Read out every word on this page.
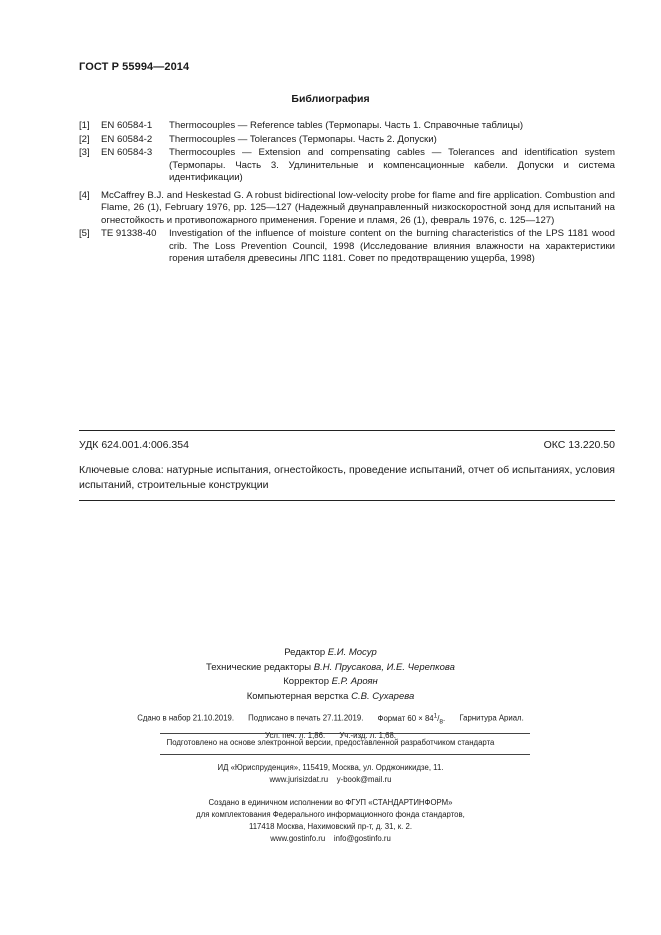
ГОСТ Р 55994—2014
Библиография
[1]	EN 60584-1	Thermocouples — Reference tables (Термопары. Часть 1. Справочные таблицы)
[2]	EN 60584-2	Thermocouples — Tolerances (Термопары. Часть 2. Допуски)
[3]	EN 60584-3	Thermocouples — Extension and compensating cables — Tolerances and identification system (Термопары. Часть 3. Удлинительные и компенсационные кабели. Допуски и система идентификации)
[4]	McCaffrey B.J. and Heskestad G. A robust bidirectional low-velocity probe for flame and fire application. Combustion and Flame, 26 (1), February 1976, pp. 125—127 (Надежный двунаправленный низкоскоростной зонд для испытаний на огнестойкость и противопожарного применения. Горение и пламя, 26 (1), февраль 1976, с. 125—127)
[5]	TE 91338-40	Investigation of the influence of moisture content on the burning characteristics of the LPS 1181 wood crib. The Loss Prevention Council, 1998 (Исследование влияния влажности на характеристики горения штабеля древесины ЛПС 1181. Совет по предотвращению ущерба, 1998)
УДК 624.001.4:006.354	ОКС 13.220.50
Ключевые слова: натурные испытания, огнестойкость, проведение испытаний, отчет об испытаниях, условия испытаний, строительные конструкции
Редактор Е.И. Мосур
Технические редакторы В.Н. Прусакова, И.Е. Черепкова
Корректор Е.Р. Ароян
Компьютерная верстка С.В. Сухарева
Сдано в набор 21.10.2019. Подписано в печать 27.11.2019. Формат $60 \times 84^1/_8$. Гарнитура Ариал.
Усл. печ. л. 1,86. Уч.-изд. л. 1,68.
Подготовлено на основе электронной версии, предоставленной разработчиком стандарта
ИД «Юриспруденция», 115419, Москва, ул. Орджоникидзе, 11.
www.jurisizdat.ru y-book@mail.ru
Создано в единичном исполнении во ФГУП «СТАНДАРТИНФОРМ»
для комплектования Федерального информационного фонда стандартов,
117418 Москва, Нахимовский пр-т, д. 31, к. 2.
www.gostinfo.ru info@gostinfo.ru
